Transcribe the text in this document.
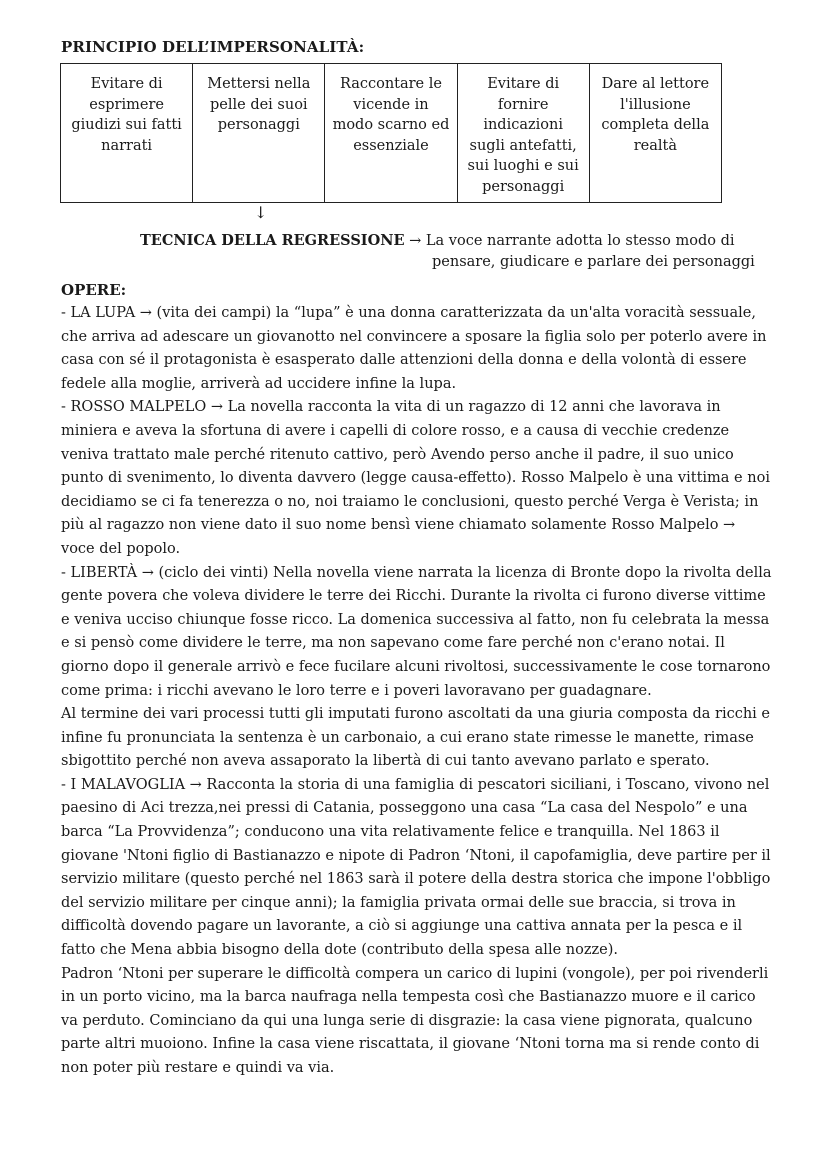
PRINCIPIO DELL’IMPERSONALITÀ:
Evitare di esprimere giudizi sui fatti narrati	Mettersi nella pelle dei suoi personaggi	Raccontare le vicende in modo scarno ed essenziale	Evitare di fornire indicazioni sugli antefatti, sui luoghi e sui personaggi	Dare al lettore l'illusione completa della realtà
↓
TECNICA DELLA REGRESSIONE → La voce narrante adotta lo stesso modo di
pensare, giudicare e parlare dei personaggi
OPERE:

- LA LUPA → (vita dei campi) la “lupa” è una donna caratterizzata da un'alta voracità sessuale, che arriva ad adescare un giovanotto nel convincere a sposare la figlia solo per poterlo avere in casa con sé il protagonista è esasperato dalle attenzioni della donna e della volontà di essere fedele alla moglie, arriverà ad uccidere infine la lupa.

- ROSSO MALPELO → La novella racconta la vita di un ragazzo di 12 anni che lavorava in miniera e aveva la sfortuna di avere i capelli di colore rosso, e a causa di vecchie credenze veniva trattato male perché ritenuto cattivo, però Avendo perso anche il padre, il suo unico punto di svenimento, lo diventa davvero (legge causa-effetto). Rosso Malpelo è una vittima e noi decidiamo se ci fa tenerezza o no, noi traiamo le conclusioni, questo perché Verga è Verista; in più al ragazzo non viene dato il suo nome bensì viene chiamato solamente Rosso Malpelo → voce del popolo.

- LIBERTÀ → (ciclo dei vinti) Nella novella viene narrata la licenza di Bronte dopo la rivolta della gente povera che voleva dividere le terre dei Ricchi. Durante la rivolta ci furono diverse vittime e veniva ucciso chiunque fosse ricco. La domenica successiva al fatto, non fu celebrata la messa e si pensò come dividere le terre, ma non sapevano come fare perché non c'erano notai. Il giorno dopo il generale arrivò e fece fucilare alcuni rivoltosi, successivamente le cose tornarono come prima: i ricchi avevano le loro terre e i poveri lavoravano per guadagnare.

Al termine dei vari processi tutti gli imputati furono ascoltati da una giuria composta da ricchi e infine fu pronunciata la sentenza è un carbonaio, a cui erano state rimesse le manette, rimase sbigottito perché non aveva assaporato la libertà di cui tanto avevano parlato e sperato.

- I MALAVOGLIA → Racconta la storia di una famiglia di pescatori siciliani, i Toscano, vivono nel paesino di Aci trezza,nei pressi di Catania, posseggono una casa “La casa del Nespolo” e una barca “La Provvidenza”; conducono una vita relativamente felice e tranquilla. Nel 1863 il giovane 'Ntoni figlio di Bastianazzo e nipote di Padron ‘Ntoni, il capofamiglia, deve partire per il servizio militare (questo perché nel 1863 sarà il potere della destra storica che impone l'obbligo del servizio militare per cinque anni); la famiglia privata ormai delle sue braccia, si trova in difficoltà dovendo pagare un lavorante, a ciò si aggiunge una cattiva annata per la pesca e il fatto che Mena abbia bisogno della dote (contributo della spesa alle nozze).

Padron ‘Ntoni per superare le difficoltà compera un carico di lupini (vongole), per poi rivenderli in un porto vicino, ma la barca naufraga nella tempesta così che Bastianazzo muore e il carico va perduto. Cominciano da qui una lunga serie di disgrazie: la casa viene pignorata, qualcuno parte altri muoiono. Infine la casa viene riscattata, il giovane ‘Ntoni torna ma si rende conto di non poter più restare e quindi va via.
